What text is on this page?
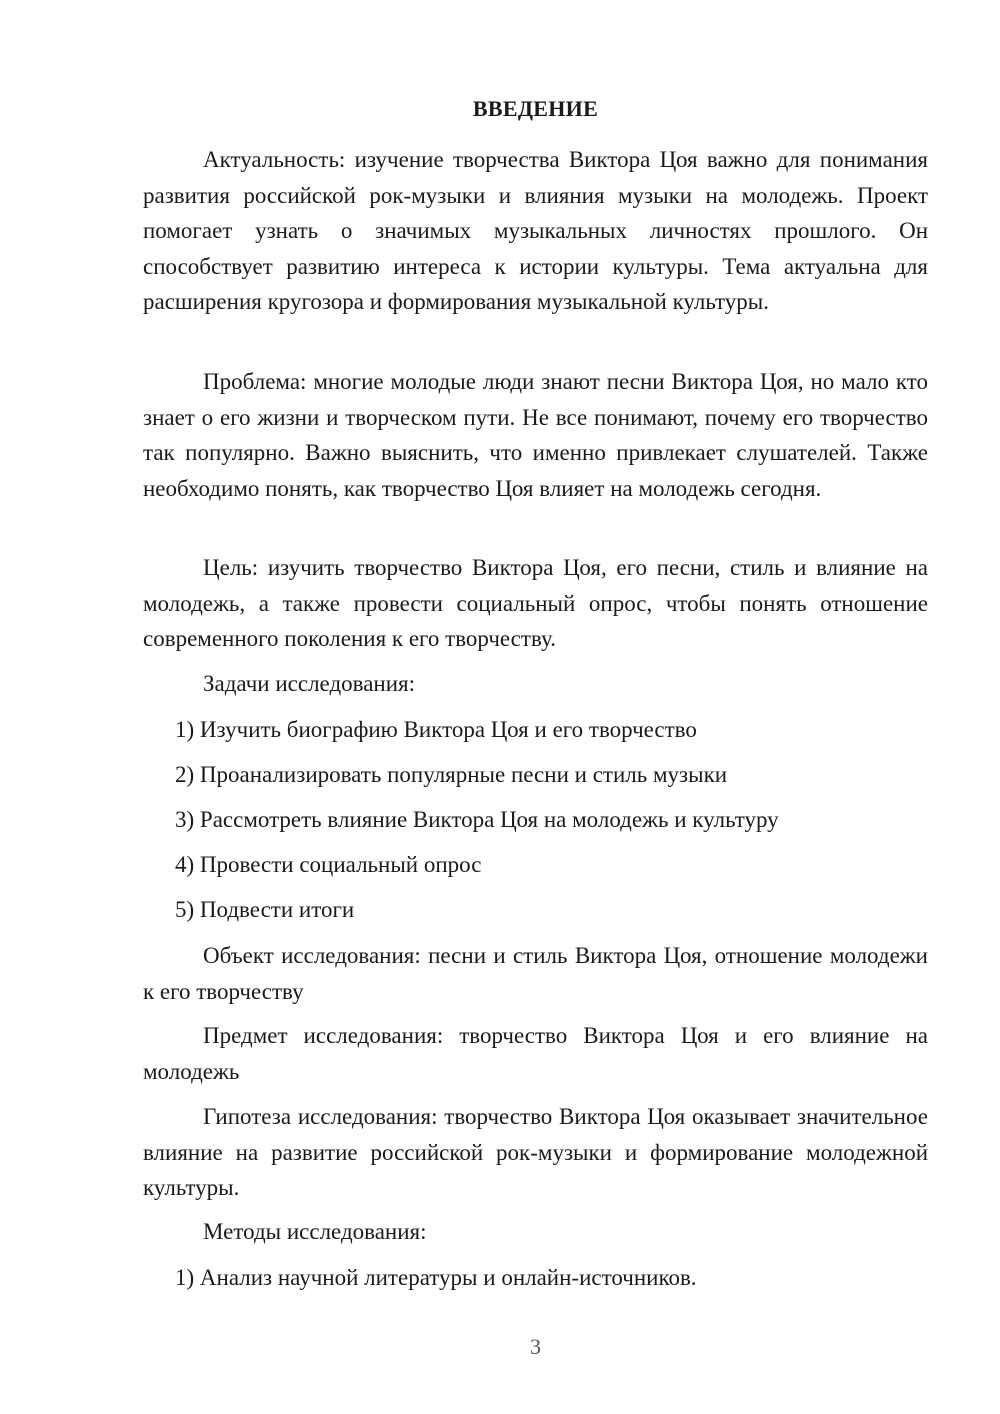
ВВЕДЕНИЕ

Актуальность: изучение творчества Виктора Цоя важно для понимания развития российской рок-музыки и влияния музыки на молодежь. Проект помогает узнать о значимых музыкальных личностях прошлого. Он способствует развитию интереса к истории культуры. Тема актуальна для расширения кругозора и формирования музыкальной культуры.

Проблема: многие молодые люди знают песни Виктора Цоя, но мало кто знает о его жизни и творческом пути. Не все понимают, почему его творчество так популярно. Важно выяснить, что именно привлекает слушателей. Также необходимо понять, как творчество Цоя влияет на молодежь сегодня.

Цель: изучить творчество Виктора Цоя, его песни, стиль и влияние на молодежь, а также провести социальный опрос, чтобы понять отношение современного поколения к его творчеству.

Задачи исследования:

1) Изучить биографию Виктора Цоя и его творчество

2) Проанализировать популярные песни и стиль музыки

3) Рассмотреть влияние Виктора Цоя на молодежь и культуру

4) Провести социальный опрос

5) Подвести итоги

Объект исследования: песни и стиль Виктора Цоя, отношение молодежи к его творчеству

Предмет исследования: творчество Виктора Цоя и его влияние на молодежь

Гипотеза исследования: творчество Виктора Цоя оказывает значительное влияние на развитие российской рок-музыки и формирование молодежной культуры.

Методы исследования:

1) Анализ научной литературы и онлайн-источников.

3
